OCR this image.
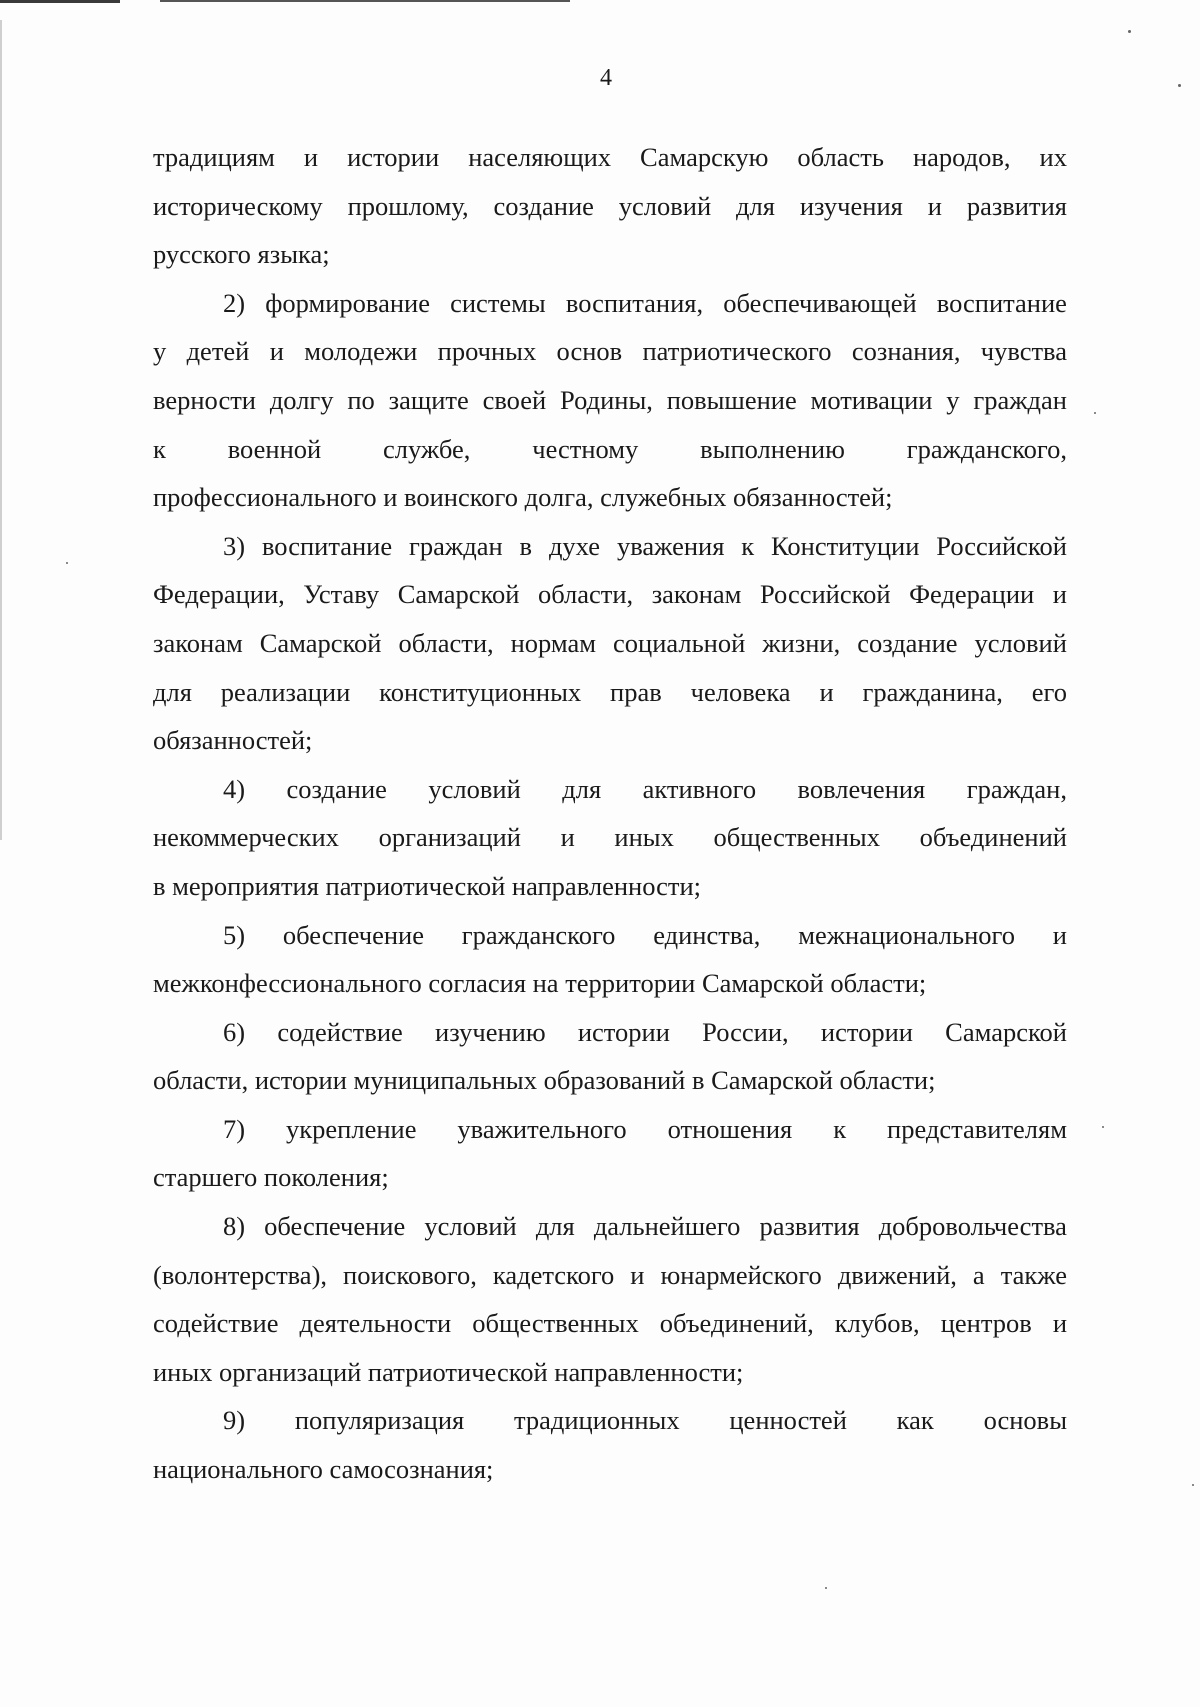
4
традициям и истории населяющих Самарскую область народов, их
историческому прошлому, создание условий для изучения и развития
русского языка;
2) формирование системы воспитания, обеспечивающей воспитание
у детей и молодежи прочных основ патриотического сознания, чувства
верности долгу по защите своей Родины, повышение мотивации у граждан
к военной службе, честному выполнению гражданского,
профессионального и воинского долга, служебных обязанностей;
3) воспитание граждан в духе уважения к Конституции Российской
Федерации, Уставу Самарской области, законам Российской Федерации и
законам Самарской области, нормам социальной жизни, создание условий
для реализации конституционных прав человека и гражданина, его
обязанностей;
4) создание условий для активного вовлечения граждан,
некоммерческих организаций и иных общественных объединений
в мероприятия патриотической направленности;
5) обеспечение гражданского единства, межнационального и
межконфессионального согласия на территории Самарской области;
6) содействие изучению истории России, истории Самарской
области, истории муниципальных образований в Самарской области;
7) укрепление уважительного отношения к представителям
старшего поколения;
8) обеспечение условий для дальнейшего развития добровольчества
(волонтерства), поискового, кадетского и юнармейского движений, а также
содействие деятельности общественных объединений, клубов, центров и
иных организаций патриотической направленности;
9) популяризация традиционных ценностей как основы
национального самосознания;
